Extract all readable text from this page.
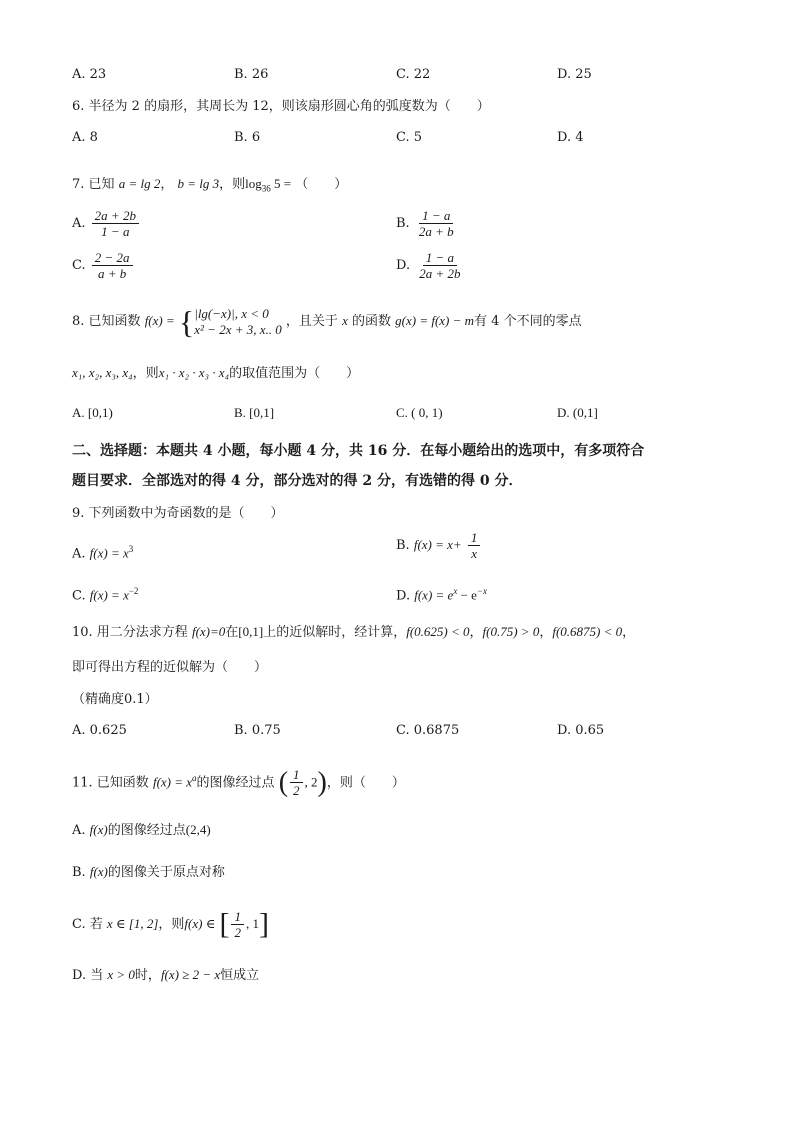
A. 23	B. 26	C. 22	D. 25
6. 半径为 2 的扇形，其周长为 12，则该扇形圆心角的弧度数为（　　）
A. 8	B. 6	C. 5	D. 4
7. 已知 a = lg 2， b = lg 3，则$\log_{36} 5$ = （　　）
A. $\frac{2a + 2b}{1 - a}$	B. $\frac{1 - a}{2a + b}$
C. $\frac{2 - 2a}{a + b}$	D. $\frac{1 - a}{2a + 2b}$
8. 已知函数 f(x) = { |lg(−x)|, x < 0
x² − 2x + 3, x.. 0 ，且关于 x 的函数 g(x) = f(x) − m有 4 个不同的零点
x₁, x₂, x₃, x₄，则x₁ · x₂ · x₃ · x₄的取值范围为（　　）
A. [0,1)	B. [0,1]	C. ( 0, 1)	D. (0,1]
二、选择题：本题共 4 小题，每小题 4 分，共 16 分．在每小题给出的选项中，有多项符合
题目要求．全部选对的得 4 分，部分选对的得 2 分，有选错的得 0 分．
9. 下列函数中为奇函数的是（　　）
A. $f(x) = x^3$	B. $f(x) = x+ \frac{1}{x}$
C. $f(x) = x^{-2}$	D. $f(x) = e^x - e^{-x}$
10. 用二分法求方程 f(x)=0在[0,1]上的近似解时，经计算，f(0.625) < 0，f(0.75) > 0，f(0.6875) < 0，
即可得出方程的近似解为（　　）
（精确度0.1）
A. 0.625	B. 0.75	C. 0.6875	D. 0.65
11. 已知函数 $f(x) = x^a$的图像经过点 ( $\frac{1}{2}$ , 2)，则（　　）
A. f(x)的图像经过点(2,4)
B. f(x)的图像关于原点对称
C. 若 x ∈ [1, 2]，则f(x) ∈ [ $\frac{1}{2}$ , 1]
D. 当 x > 0时，f(x) ≥ 2 − x恒成立
